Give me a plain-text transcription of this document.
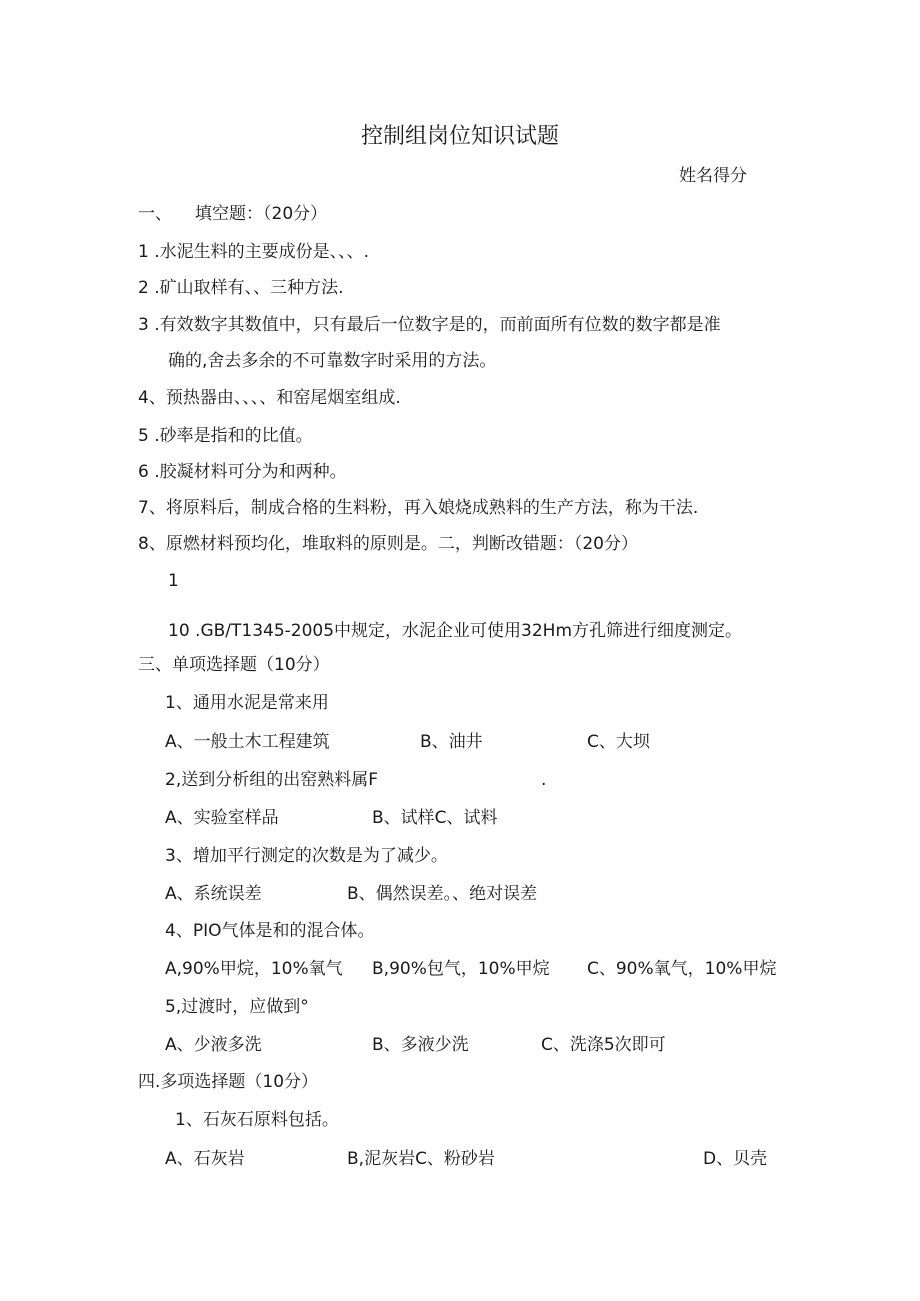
控制组岗位知识试题
姓名得分
一、 填空题：（20分）
1 .水泥生料的主要成份是、、、.
2 .矿山取样有、、三种方法.
3 .有效数字其数值中，只有最后一位数字是的，而前面所有位数的数字都是准
确的,舍去多余的不可靠数字时采用的方法。
4、预热器由、、、、和窑尾烟室组成.
5 .砂率是指和的比值。
6 .胶凝材料可分为和两种。
7、将原料后，制成合格的生料粉，再入娘烧成熟料的生产方法，称为干法.
8、原燃材料预均化，堆取料的原则是。二，判断改错题：（20分）
1
10 .GB/T1345-2005中规定，水泥企业可使用32Hm方孔筛进行细度测定。
三、单项选择题（10分）
1、通用水泥是常来用
A、一般土木工程建筑	B、油井	C、大坝
2,送到分析组的出窑熟料属F	.
A、实验室样品	B、试样C、试料
3、增加平行测定的次数是为了减少。
A、系统误差	B、偶然误差。、绝对误差
4、PIO气体是和的混合体。
A,90%甲烷，10%氧气 B,90%包气，10%甲烷 C、90%氧气，10%甲烷
5,过渡时，应做到°
A、少液多洗	B、多液少洗	C、洗涤5次即可
四.多项选择题（10分）
1、石灰石原料包括。
A、石灰岩	B,泥灰岩C、粉砂岩	D、贝壳
